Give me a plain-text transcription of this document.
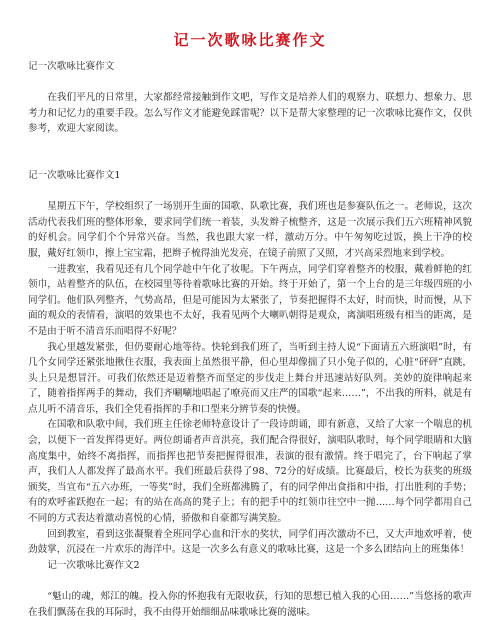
记一次歌咏比赛作文

记一次歌咏比赛作文

在我们平凡的日常里，大家都经常接触到作文吧，写作文是培养人们的观察力、联想力、想象力、思考力和记忆力的重要手段。怎么写作文才能避免踩雷呢？以下是帮大家整理的记一次歌咏比赛作文，仅供参考，欢迎大家阅读。

记一次歌咏比赛作文1

星期五下午，学校组织了一场别开生面的国歌、队歌比赛，我们班也是参赛队伍之一。老师说，这次活动代表我们班的整体形象，要求同学们统一着装，头发辫子梳整齐，这是一次展示我们五六班精神风貌的好机会。同学们个个异常兴奋。当然，我也跟大家一样，激动万分。中午匆匆吃过饭，换上干净的校服，戴好红领巾，擦上宝宝霜，把辫子梳得油光发亮，在镜子前照了又照，才兴高采烈地来到学校。

一进教室，我看见还有几个同学趁中午化了妆呢。下午两点，同学们穿着整齐的校服，戴着鲜艳的红领巾，站着整齐的队伍，在校园里等待着歌咏比赛的开始。终于开始了，第一个上台的是三年级四班的小同学们。他们队列整齐，气势高昂，但是可能因为太紧张了，节奏把握得不太好，时而快，时而慢，从下面的观众的表情看，演唱的效果也不太好，我看见两个大喇叭朝得是观众，离演唱班级有相当的距离，是不是由于听不清音乐而唱得不好呢？

我心里越发紧张，但仍要耐心地等待。快轮到我们班了，当听到主持人说“下面请五六班演唱”时，有几个女同学还紧张地揪住衣服，我表面上虽然很平静，但心里却像揣了只小兔子似的，心脏“砰砰”直跳，头上只是想冒汗。可我们依然还是迈着整齐而坚定的步伐走上舞台并迅速站好队列。美妙的旋律响起来了，随着指挥两手的舞动，我们齐唰唰地唱起了嘹亮而又庄严的国歌“起来……”，不出我的所料，就是有点儿听不清音乐，我们全凭看指挥的手和口型来分辨节奏的快慢。

在国歌和队歌中间，我们班主任徐老师特意设计了一段诗朗诵，即有新意，又给了大家一个喘息的机会，以便下一首发挥得更好。两位朗诵者声音洪亮，我们配合得很好，演唱队歌时，每个同学眼睛和大脑高度集中，始终不离指挥，而指挥也把节奏把握得很准，表演的很有激情。终于唱完了，台下响起了掌声，我们人人都发挥了最高水平。我们班最后获得了98、72分的好成绩。比赛最后，校长为获奖的班级颁奖，当宣布“五六办班，一等奖”时，我们全班都沸腾了，有的同学伸出食指和中指，打出胜利的手势；有的欢呼雀跃抱在一起；有的站在高高的凳子上；有的把手中的红领巾往空中一抛……每个同学都用自己不同的方式表达着激动喜悦的心情，骄傲和自豪都写满笑脸。

回到教室，看到这张凝聚着全班同学心血和汗水的奖状，同学们再次激动不已，又大声地欢呼着，使劲鼓掌，沉浸在一片欢乐的海洋中。这是一次多么有意义的歌咏比赛，这是一个多么团结向上的班集体！

记一次歌咏比赛作文2

“魁山的魂，郏江的魄。投入你的怀抱我有无限收获，行知的思想已植入我的心田……”当悠扬的歌声在我们飘荡在我的耳际时，我不由得开始细细品味歌咏比赛的滋味。
